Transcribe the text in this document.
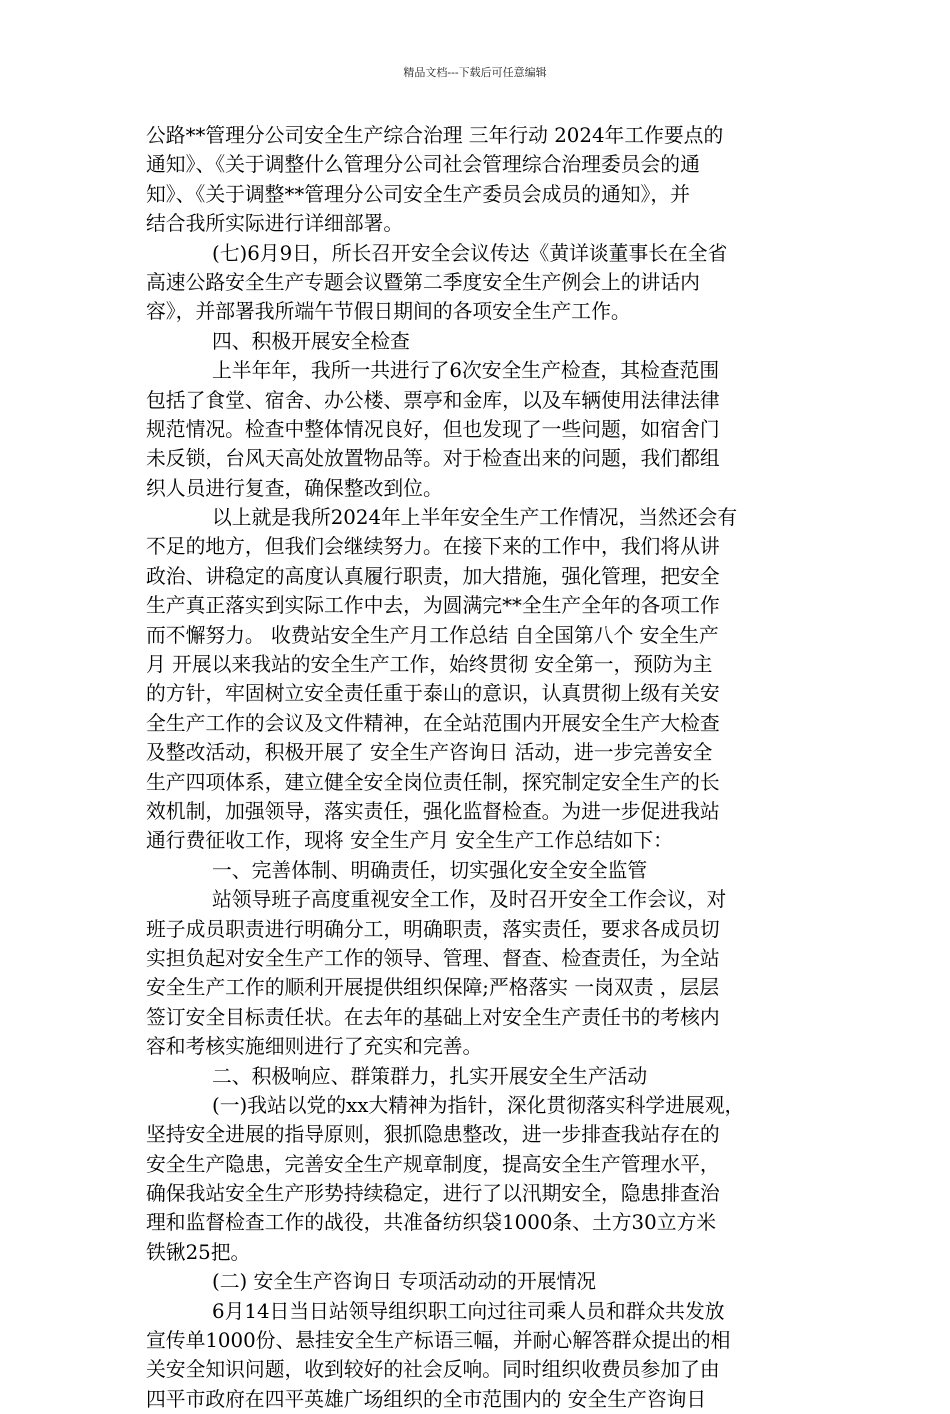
精品文档---下载后可任意编辑
公路**管理分公司安全生产综合治理 三年行动 2024年工作要点的
通知》、《关于调整什么管理分公司社会管理综合治理委员会的通
知》、《关于调整**管理分公司安全生产委员会成员的通知》，并
结合我所实际进行详细部署。
(七)6月9日，所长召开安全会议传达《黄详谈董事长在全省
高速公路安全生产专题会议暨第二季度安全生产例会上的讲话内
容》，并部署我所端午节假日期间的各项安全生产工作。
四、积极开展安全检查
上半年年，我所一共进行了6次安全生产检查，其检查范围
包括了食堂、宿舍、办公楼、票亭和金库，以及车辆使用法律法律
规范情况。检查中整体情况良好，但也发现了一些问题，如宿舍门
未反锁，台风天高处放置物品等。对于检查出来的问题，我们都组
织人员进行复查，确保整改到位。
以上就是我所2024年上半年安全生产工作情况，当然还会有
不足的地方，但我们会继续努力。在接下来的工作中，我们将从讲
政治、讲稳定的高度认真履行职责，加大措施，强化管理，把安全
生产真正落实到实际工作中去，为圆满完**全生产全年的各项工作
而不懈努力。 收费站安全生产月工作总结 自全国第八个 安全生产
月 开展以来我站的安全生产工作，始终贯彻 安全第一，预防为主
的方针，牢固树立安全责任重于泰山的意识，认真贯彻上级有关安
全生产工作的会议及文件精神，在全站范围内开展安全生产大检查
及整改活动，积极开展了 安全生产咨询日 活动，进一步完善安全
生产四项体系，建立健全安全岗位责任制，探究制定安全生产的长
效机制，加强领导，落实责任，强化监督检查。为进一步促进我站
通行费征收工作，现将 安全生产月 安全生产工作总结如下：
一、完善体制、明确责任，切实强化安全安全监管
站领导班子高度重视安全工作，及时召开安全工作会议，对
班子成员职责进行明确分工，明确职责，落实责任，要求各成员切
实担负起对安全生产工作的领导、管理、督查、检查责任，为全站
安全生产工作的顺利开展提供组织保障;严格落实 一岗双责 ，层层
签订安全目标责任状。在去年的基础上对安全生产责任书的考核内
容和考核实施细则进行了充实和完善。
二、积极响应、群策群力，扎实开展安全生产活动
(一)我站以党的xx大精神为指针，深化贯彻落实科学进展观，
坚持安全进展的指导原则，狠抓隐患整改，进一步排查我站存在的
安全生产隐患，完善安全生产规章制度，提高安全生产管理水平，
确保我站安全生产形势持续稳定，进行了以汛期安全，隐患排查治
理和监督检查工作的战役，共准备纺织袋1000条、土方30立方米
铁锹25把。
(二) 安全生产咨询日 专项活动动的开展情况
6月14日当日站领导组织职工向过往司乘人员和群众共发放
宣传单1000份、悬挂安全生产标语三幅，并耐心解答群众提出的相
关安全知识问题，收到较好的社会反响。同时组织收费员参加了由
四平市政府在四平英雄广场组织的全市范围内的 安全生产咨询日
